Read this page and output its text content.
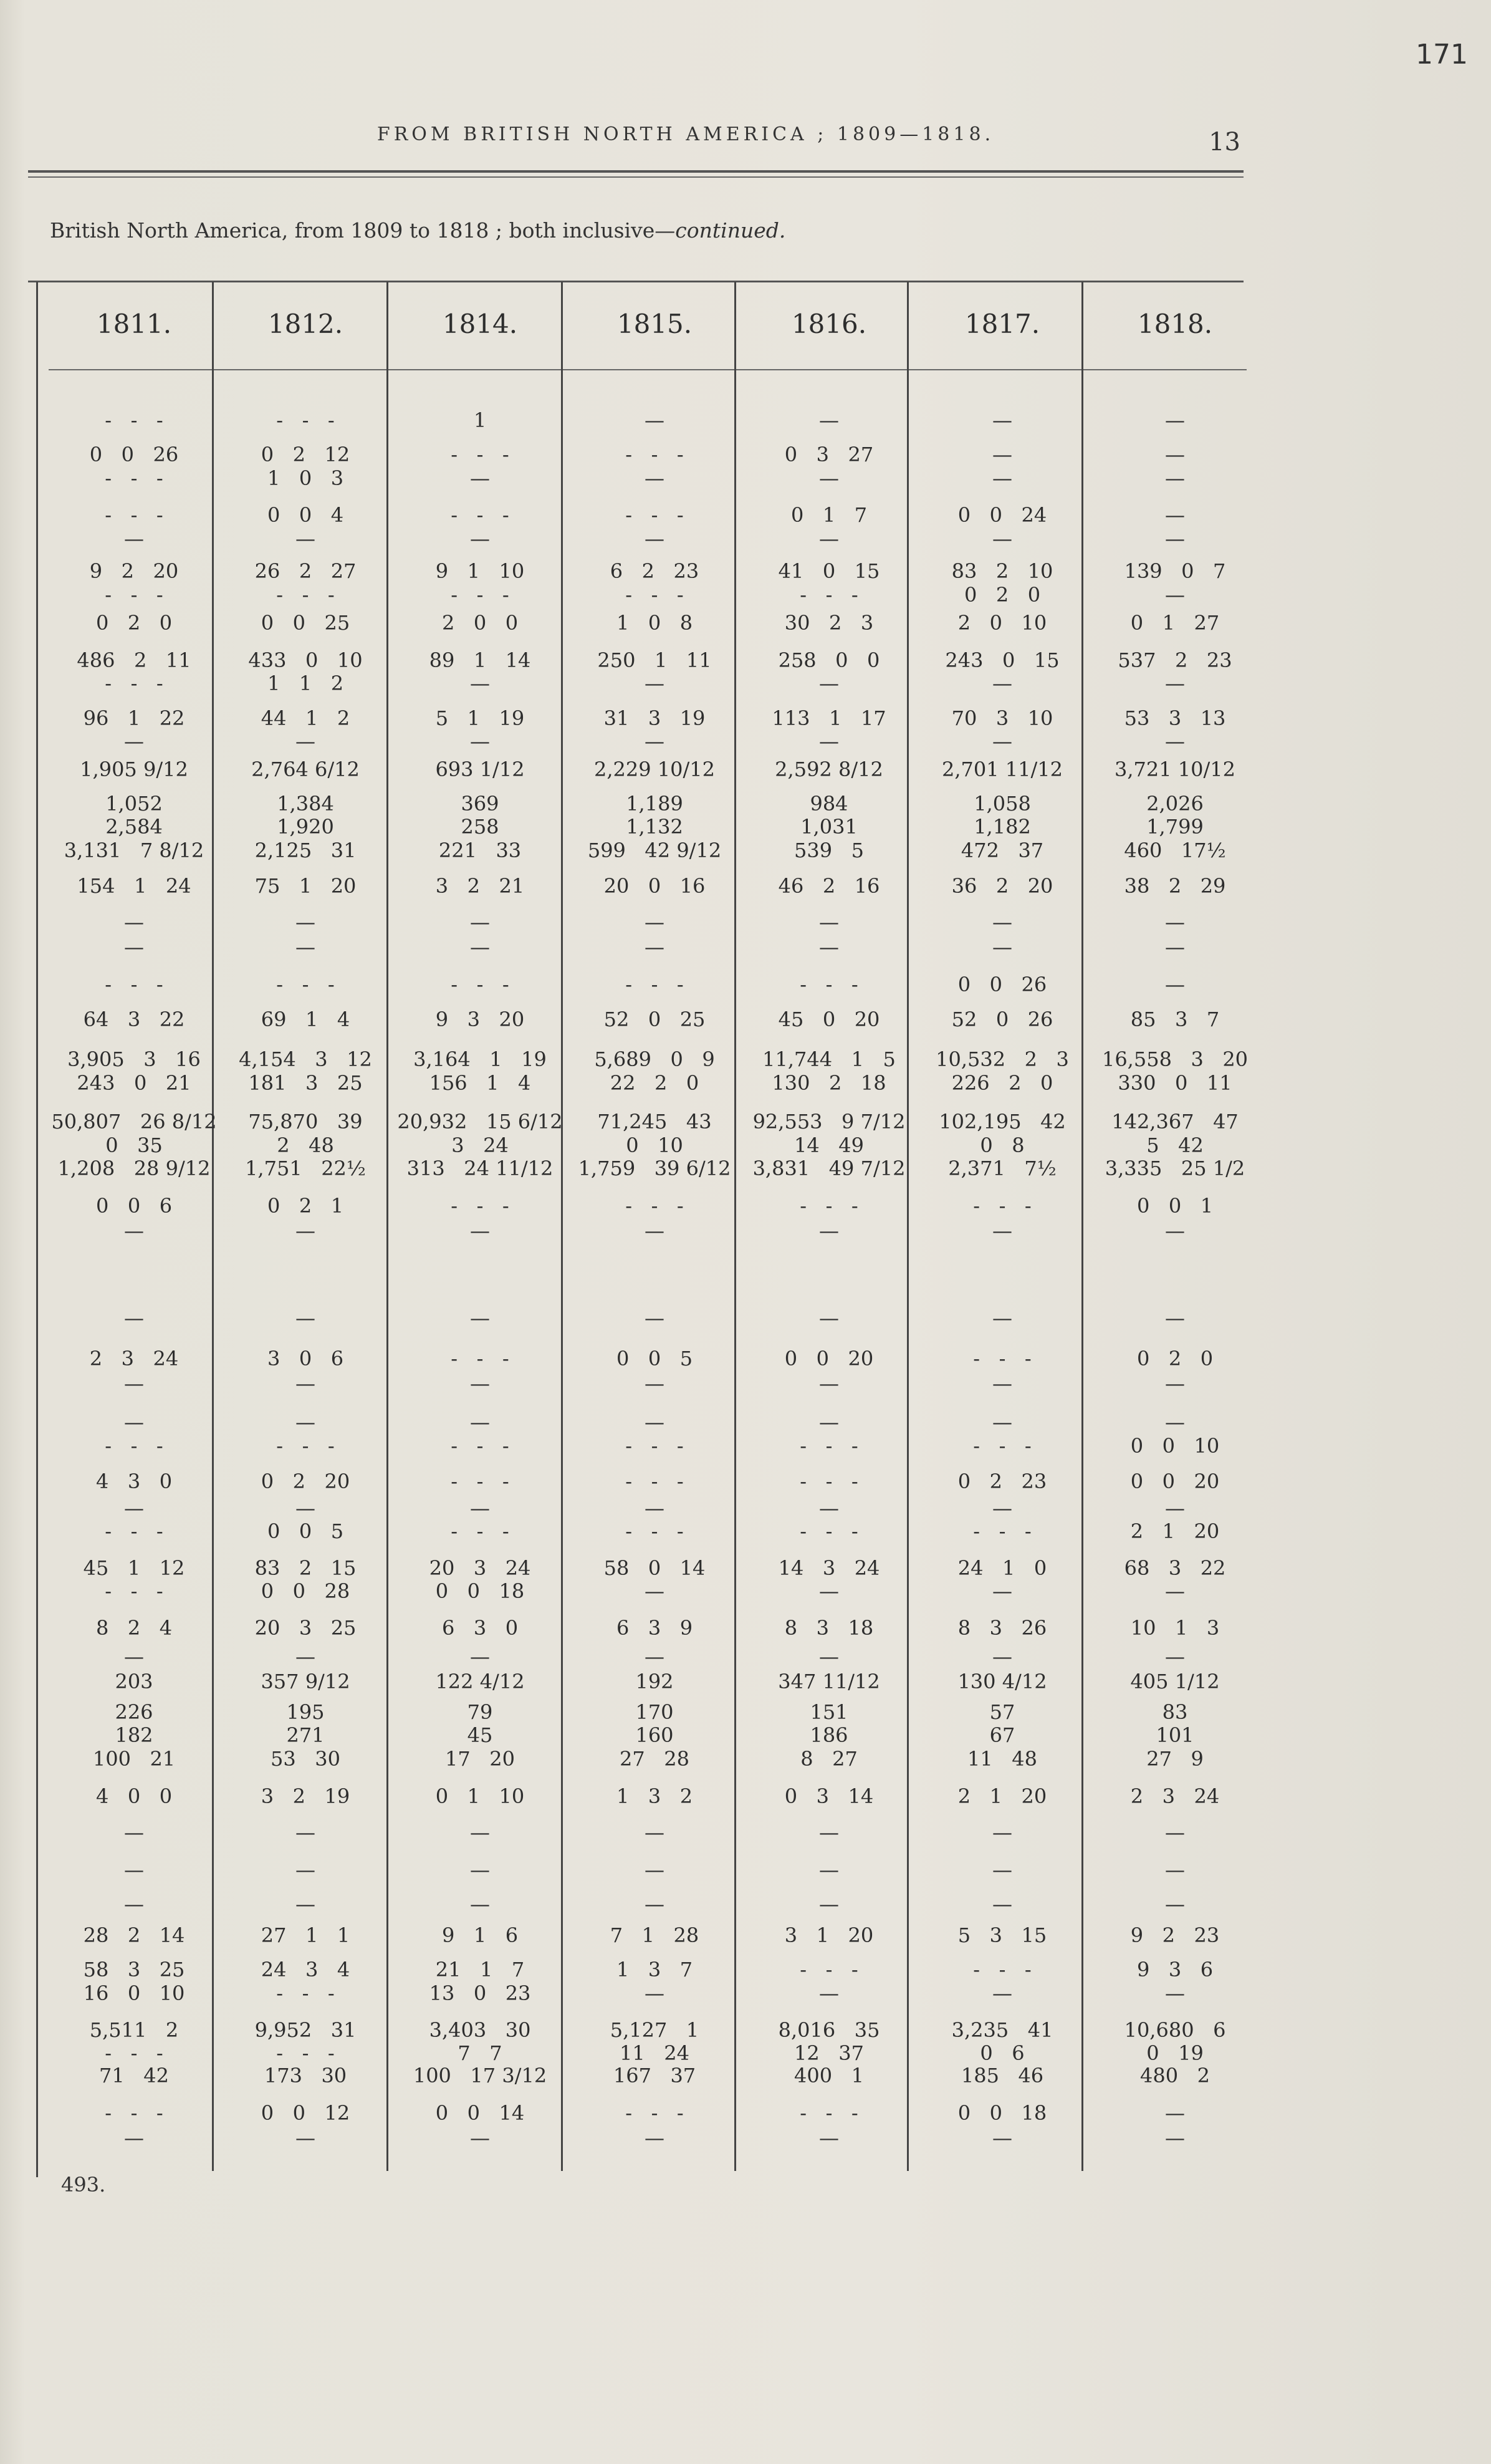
171
FROM BRITISH NORTH AMERICA ; 1809—1818.	13
British North America, from 1809 to 1818 ; both inclusive—continued.
1811.	1812.	1814.	1815.	1816.	1817.	1818.
-   -   -	-   -   -	1	—	—	—	—
0   0   26	0   2   12	-   -   -	-   -   -	0   3   27	—	—
-   -   -	1   0   3	—	—	—	—	—
-   -   -	0   0   4	-   -   -	-   -   -	0   1   7	0   0   24	—
—	—	—	—	—	—	—
9   2   20	26   2   27	9   1   10	6   2   23	41   0   15	83   2   10	139   0   7
-   -   -	-   -   -	-   -   -	-   -   -	-   -   -	0   2   0	—
0   2   0	0   0   25	2   0   0	1   0   8	30   2   3	2   0   10	0   1   27
486   2   11	433   0   10	89   1   14	250   1   11	258   0   0	243   0   15	537   2   23
-   -   -	1   1   2	—	—	—	—	—
96   1   22	44   1   2	5   1   19	31   3   19	113   1   17	70   3   10	53   3   13
—	—	—	—	—	—	—
1,905 9/12	2,764 6/12	693 1/12	2,229 10/12	2,592 8/12	2,701 11/12	3,721 10/12
1,052	1,384	369	1,189	984	1,058	2,026
2,584	1,920	258	1,132	1,031	1,182	1,799
3,131   7 8/12	2,125   31	221   33	599   42 9/12	539   5	472   37	460   17½
154   1   24	75   1   20	3   2   21	20   0   16	46   2   16	36   2   20	38   2   29
—	—	—	—	—	—	—
—	—	—	—	—	—	—
-   -   -	-   -   -	-   -   -	-   -   -	-   -   -	0   0   26	—
64   3   22	69   1   4	9   3   20	52   0   25	45   0   20	52   0   26	85   3   7
3,905   3   16	4,154   3   12	3,164   1   19	5,689   0   9	11,744   1   5	10,532   2   3	16,558   3   20
243   0   21	181   3   25	156   1   4	22   2   0	130   2   18	226   2   0	330   0   11
50,807   26 8/12	75,870   39	20,932   15 6/12	71,245   43	92,553   9 7/12	102,195   42	142,367   47
0   35	2   48	3   24	0   10	14   49	0   8	5   42
1,208   28 9/12	1,751   22½	313   24 11/12	1,759   39 6/12	3,831   49 7/12	2,371   7½	3,335   25 1/2
0   0   6	0   2   1	-   -   -	-   -   -	-   -   -	-   -   -	0   0   1
—	—	—	—	—	—	—
—	—	—	—	—	—	—
2   3   24	3   0   6	-   -   -	0   0   5	0   0   20	-   -   -	0   2   0
—	—	—	—	—	—	—
—	—	—	—	—	—	—
-   -   -	-   -   -	-   -   -	-   -   -	-   -   -	-   -   -	0   0   10
4   3   0	0   2   20	-   -   -	-   -   -	-   -   -	0   2   23	0   0   20
—	—	—	—	—	—	—
-   -   -	0   0   5	-   -   -	-   -   -	-   -   -	-   -   -	2   1   20
45   1   12	83   2   15	20   3   24	58   0   14	14   3   24	24   1   0	68   3   22
-   -   -	0   0   28	0   0   18	—	—	—	—
8   2   4	20   3   25	6   3   0	6   3   9	8   3   18	8   3   26	10   1   3
—	—	—	—	—	—	—
203	357 9/12	122 4/12	192	347 11/12	130 4/12	405 1/12
226	195	79	170	151	57	83
182	271	45	160	186	67	101
100   21	53   30	17   20	27   28	8   27	11   48	27   9
4   0   0	3   2   19	0   1   10	1   3   2	0   3   14	2   1   20	2   3   24
—	—	—	—	—	—	—
—	—	—	—	—	—	—
—	—	—	—	—	—	—
28   2   14	27   1   1	9   1   6	7   1   28	3   1   20	5   3   15	9   2   23
58   3   25	24   3   4	21   1   7	1   3   7	-   -   -	-   -   -	9   3   6
16   0   10	-   -   -	13   0   23	—	—	—	—
5,511   2	9,952   31	3,403   30	5,127   1	8,016   35	3,235   41	10,680   6
-   -   -	-   -   -	7   7	11   24	12   37	0   6	0   19
71   42	173   30	100   17 3/12	167   37	400   1	185   46	480   2
-   -   -	0   0   12	0   0   14	-   -   -	-   -   -	0   0   18	—
—	—	—	—	—	—	—
493.
